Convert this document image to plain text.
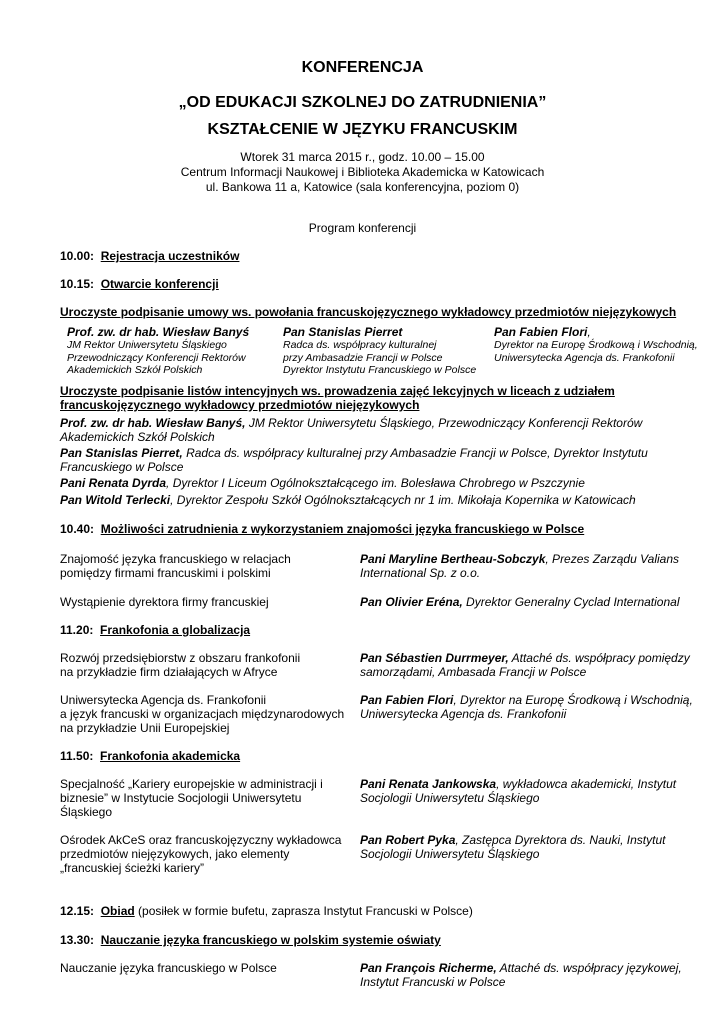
KONFERENCJA
„OD EDUKACJI SZKOLNEJ DO ZATRUDNIENIA”
KSZTAŁCENIE W JĘZYKU FRANCUSKIM
Wtorek 31 marca 2015 r., godz. 10.00 – 15.00
Centrum Informacji Naukowej i Biblioteka Akademicka w Katowicach
ul. Bankowa 11 a, Katowice (sala konferencyjna, poziom 0)
Program konferencji
10.00: Rejestracja uczestników
10.15: Otwarcie konferencji
Uroczyste podpisanie umowy ws. powołania francuskojęzycznego wykładowcy przedmiotów niejęzykowych
Prof. zw. dr hab. Wiesław Banyś
JM Rektor Uniwersytetu Śląskiego
Przewodniczący Konferencji Rektorów
Akademickich Szkół Polskich
Pan Stanislas Pierret
Radca ds. współpracy kulturalnej
przy Ambasadzie Francji w Polsce
Dyrektor Instytutu Francuskiego w Polsce
Pan Fabien Flori,
Dyrektor na Europę Środkową i Wschodnią,
Uniwersytecka Agencja ds. Frankofonii
Uroczyste podpisanie listów intencyjnych ws. prowadzenia zajęć lekcyjnych w liceach z udziałem
francuskojęzycznego wykładowcy przedmiotów niejęzykowych
Prof. zw. dr hab. Wiesław Banyś, JM Rektor Uniwersytetu Śląskiego, Przewodniczący Konferencji Rektorów
Akademickich Szkół Polskich
Pan Stanislas Pierret, Radca ds. współpracy kulturalnej przy Ambasadzie Francji w Polsce, Dyrektor Instytutu
Francuskiego w Polsce
Pani Renata Dyrda, Dyrektor I Liceum Ogólnokształcącego im. Bolesława Chrobrego w Pszczynie
Pan Witold Terlecki, Dyrektor Zespołu Szkół Ogólnokształcących nr 1 im. Mikołaja Kopernika w Katowicach
10.40: Możliwości zatrudnienia z wykorzystaniem znajomości języka francuskiego w Polsce
Znajomość języka francuskiego w relacjach
pomiędzy firmami francuskimi i polskimi
Pani Maryline Bertheau-Sobczyk, Prezes Zarządu Valians
International Sp. z o.o.
Wystąpienie dyrektora firmy francuskiej	Pan Olivier Eréna, Dyrektor Generalny Cyclad International
11.20: Frankofonia a globalizacja
Rozwój przedsiębiorstw z obszaru frankofonii
na przykładzie firm działających w Afryce
Pan Sébastien Durrmeyer, Attaché ds. współpracy pomiędzy
samorządami, Ambasada Francji w Polsce
Uniwersytecka Agencja ds. Frankofonii
a język francuski w organizacjach międzynarodowych
na przykładzie Unii Europejskiej
Pan Fabien Flori, Dyrektor na Europę Środkową i Wschodnią,
Uniwersytecka Agencja ds. Frankofonii
11.50: Frankofonia akademicka
Specjalność „Kariery europejskie w administracji i
biznesie” w Instytucie Socjologii Uniwersytetu
Śląskiego
Pani Renata Jankowska, wykładowca akademicki, Instytut
Socjologii Uniwersytetu Śląskiego
Ośrodek AkCeS oraz francuskojęzyczny wykładowca
przedmiotów niejęzykowych, jako elementy
„francuskiej ścieżki kariery”
Pan Robert Pyka, Zastępca Dyrektora ds. Nauki, Instytut
Socjologii Uniwersytetu Śląskiego
12.15: Obiad (posiłek w formie bufetu, zaprasza Instytut Francuski w Polsce)
13.30: Nauczanie języka francuskiego w polskim systemie oświaty
Nauczanie języka francuskiego w Polsce	Pan François Richerme, Attaché ds. współpracy językowej,
Instytut Francuski w Polsce
